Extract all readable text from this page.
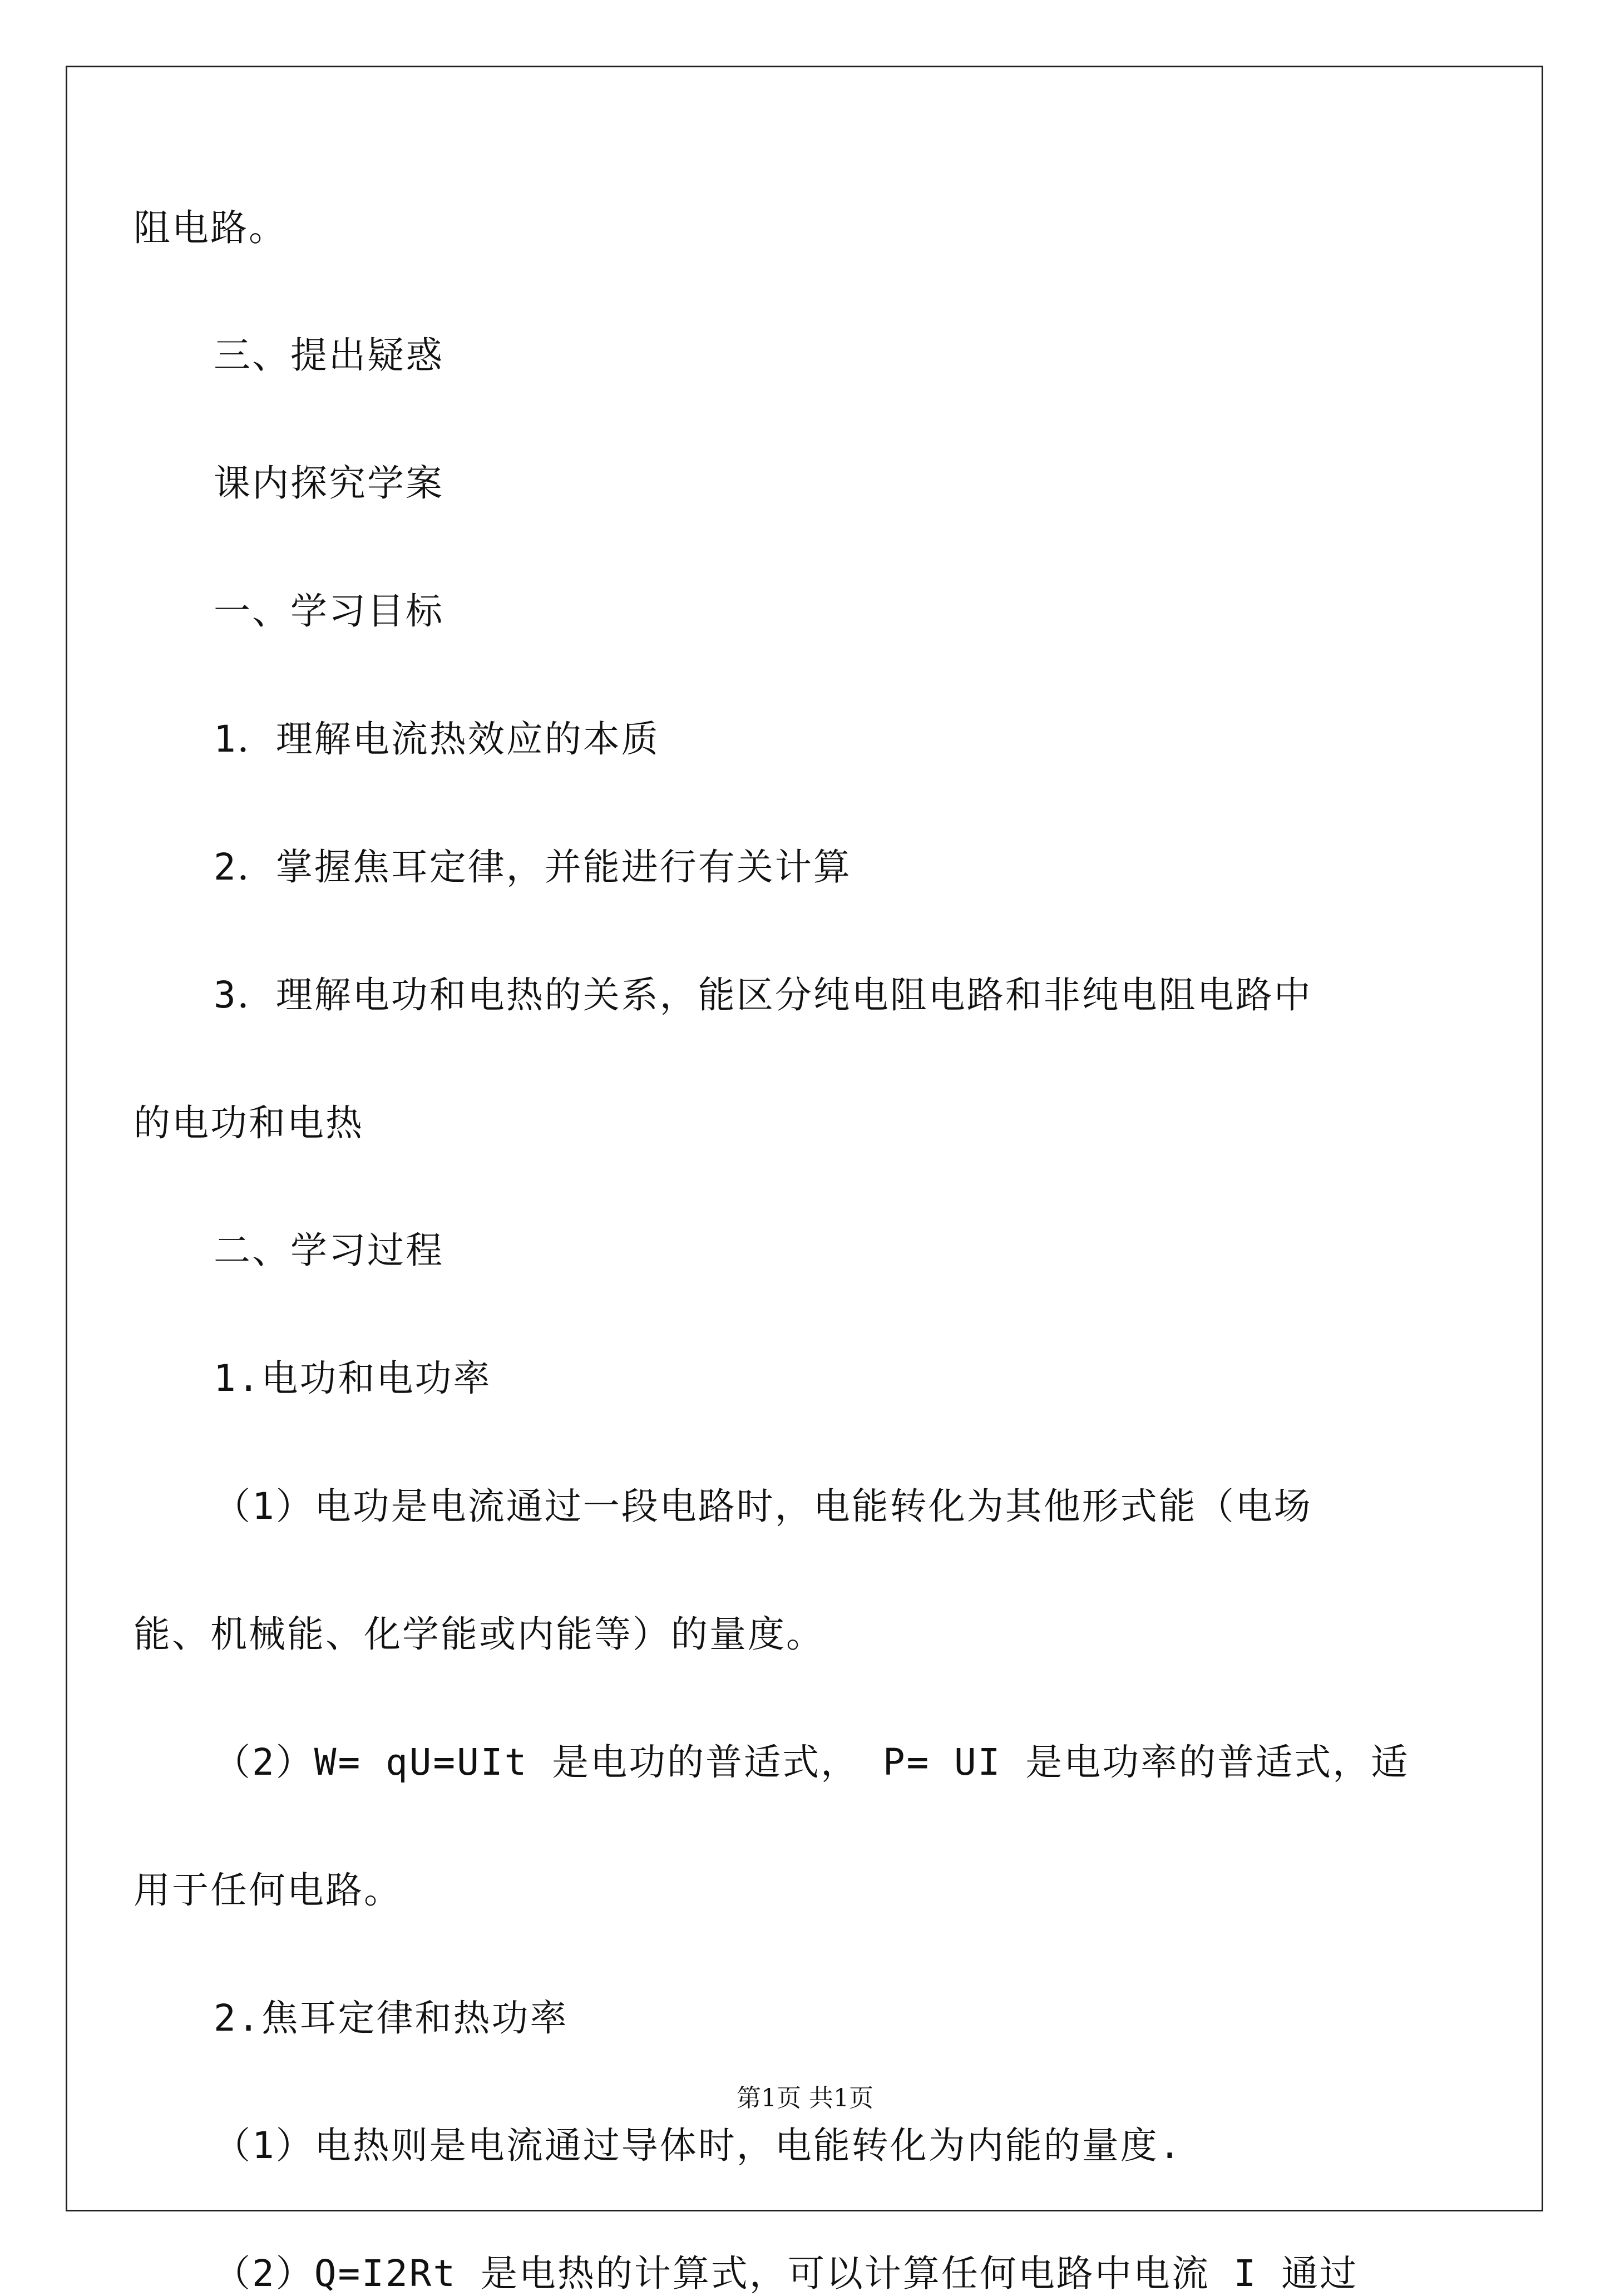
阻电路。
三、提出疑惑
课内探究学案
一、学习目标
1．理解电流热效应的本质
2．掌握焦耳定律，并能进行有关计算
3．理解电功和电热的关系，能区分纯电阻电路和非纯电阻电路中
的电功和电热
二、学习过程
1.电功和电功率
（1）电功是电流通过一段电路时，电能转化为其他形式能（电场
能、机械能、化学能或内能等）的量度。
（2）W= qU=UIt 是电功的普适式， P= UI 是电功率的普适式，适
用于任何电路。
2.焦耳定律和热功率
（1）电热则是电流通过导体时，电能转化为内能的量度.
（2）Q=I2Rt 是电热的计算式，可以计算任何电路中电流 I 通过
第1页 共1页
